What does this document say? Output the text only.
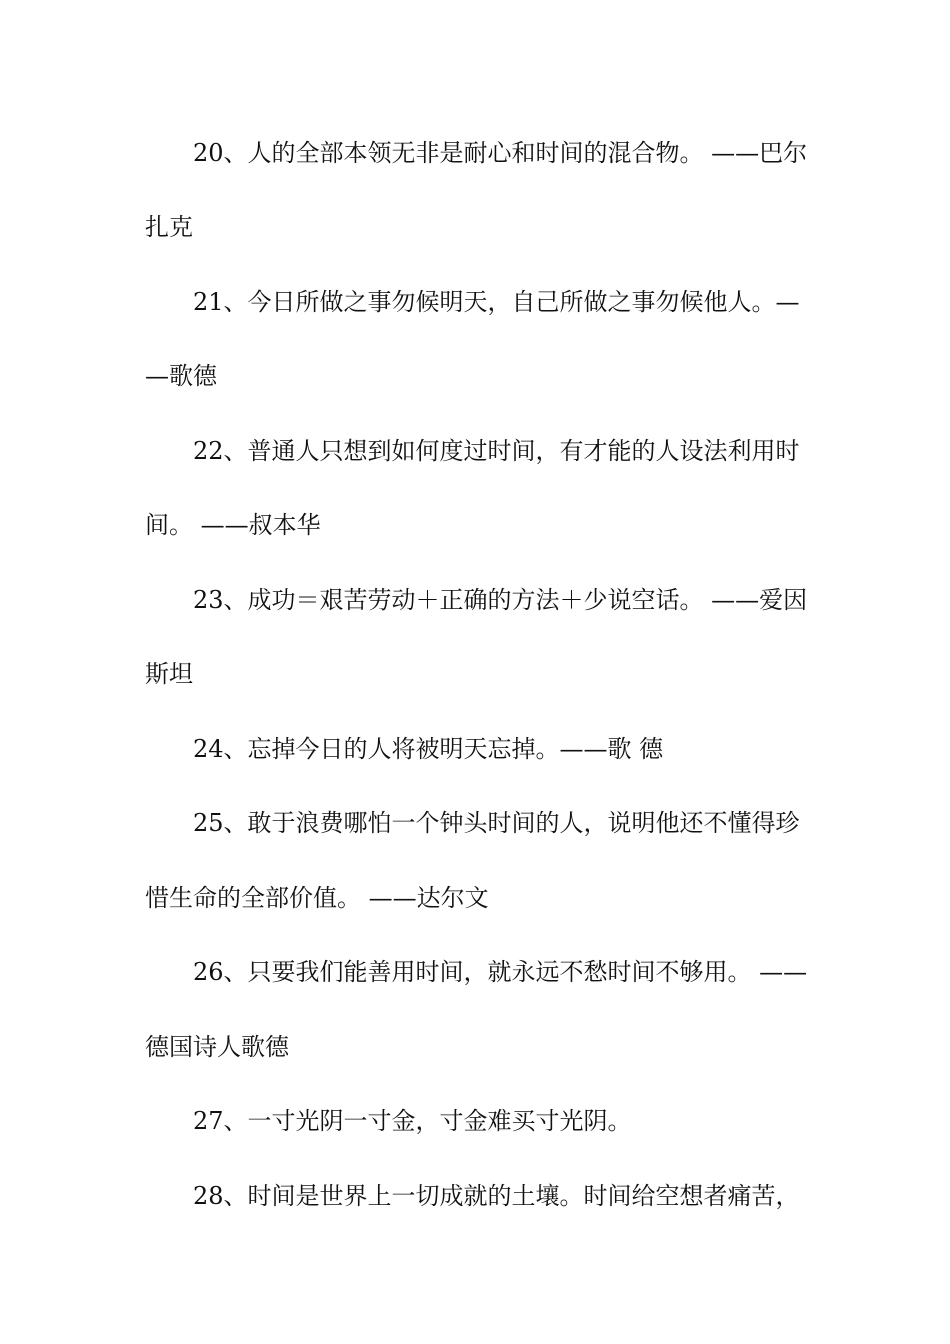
20、人的全部本领无非是耐心和时间的混合物。 ——巴尔

扎克

21、今日所做之事勿候明天，自己所做之事勿候他人。—

—歌德

22、普通人只想到如何度过时间，有才能的人设法利用时

间。 ——叔本华

23、成功＝艰苦劳动＋正确的方法＋少说空话。 ——爱因

斯坦

24、忘掉今日的人将被明天忘掉。——歌 德

25、敢于浪费哪怕一个钟头时间的人，说明他还不懂得珍

惜生命的全部价值。 ——达尔文

26、只要我们能善用时间，就永远不愁时间不够用。 ——

德国诗人歌德

27、一寸光阴一寸金，寸金难买寸光阴。

28、时间是世界上一切成就的土壤。时间给空想者痛苦，
